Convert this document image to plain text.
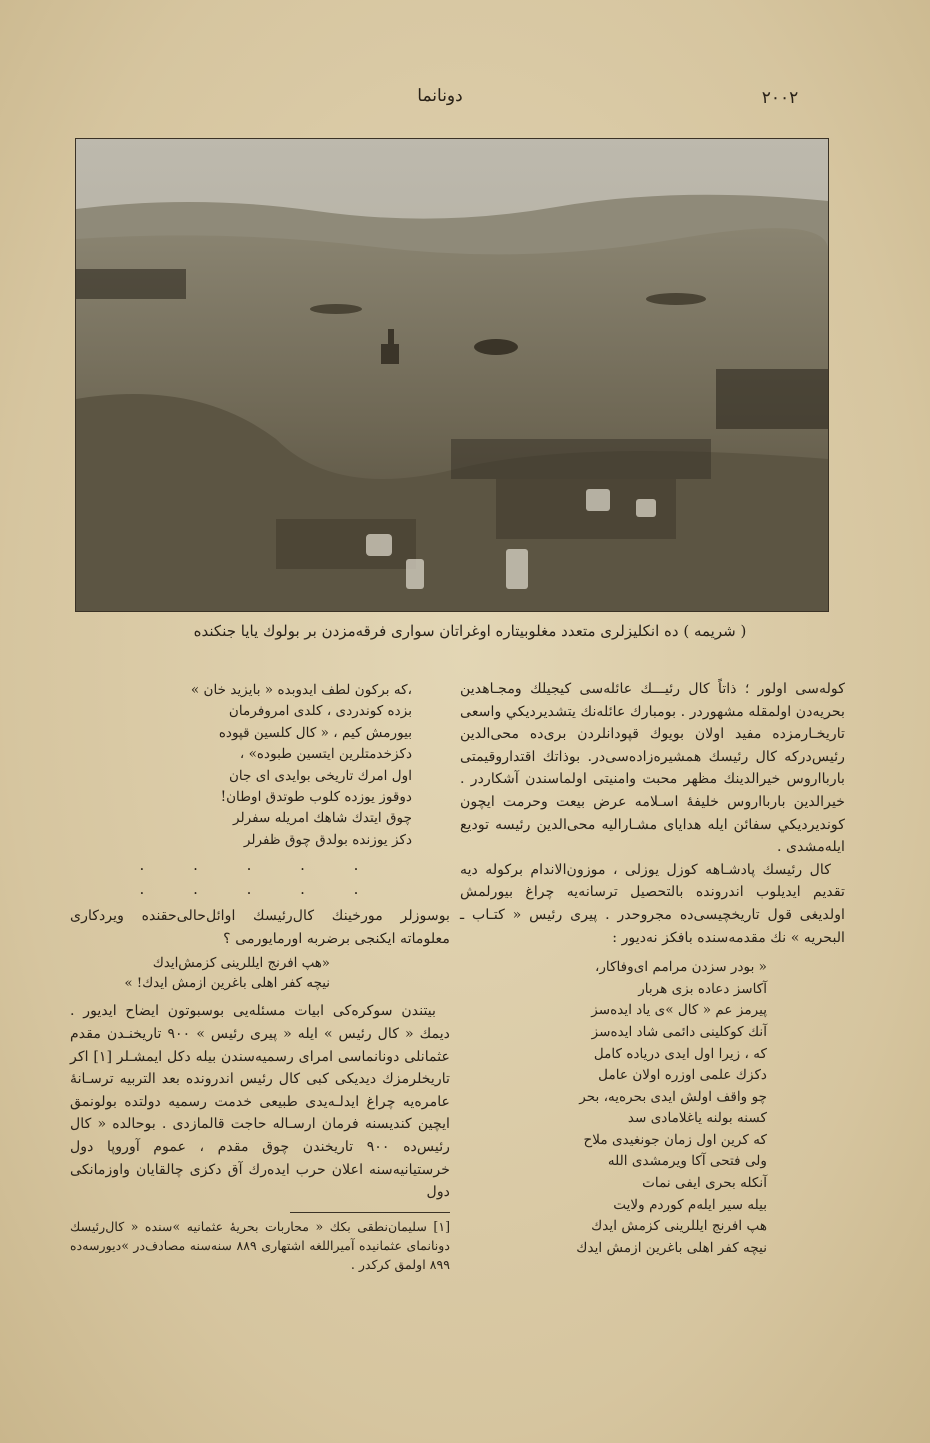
دونانما	۲۰۰۲
( شریمه ) ده انکلیزلری متعدد مغلوبیتاره اوغراتان سواری فرقه‌مزدن بر بولوك يايا جنكنده

كوله‌سى اولور ؛ ذاتاً كال رئيـــك عائله‌سى كيجيلك ومجـاهدين بحريه‌دن اولمقله مشهوردر . بومبارك عائله‌نك يتشديرديكي واسعى تاريخـارمزده مفيد اولان بويوك قپودانلردن برى‌ده محى‌الدين رئيس‌دركه كال رئيسك همشيره‌زاده‌سى‌در. بوذاتك اقتداروقيمتى باربااروس خيرالدينك مظهر محبت وامنيتى اولماسندن آشكاردر . خيرالدين باربااروس خليفهٔ اسـلامه عرض بيعت وحرمت ايچون كونديرديكي سفائن ايله هدايای مشـاراليه محى‌الدين رئيسه توديع ايله‌مشدى .

كال رئيسك پادشـاهه كوزل يوزلى ، موزون‌الاندام بركوله ديه تقديم ايديلوب اندرونده بالتحصيل ترسانه‌يه چراغ بيورلمش اولديغى قول تاريخچيسى‌ده مجروحدر . پيرى رئيس « كتـاب ـ البحريه » نك مقدمه‌سنده بافكز نه‌ديور :

« بودر سزدن مرامم اى‌وفاكار،
آكاسز دعاده بزى هربار
پيرمز عم « كال »ى ياد ايدەسز
آنك كوكلينى دائمى شاد ايدەسز
كه ، زيرا اول ايدى درياده كامل
دكزك علمى اوزره اولان عامل
چو واقف اولش ايدى بحرەيە، بحر
كسنه بولنه ياغلامادى سد
كه كرين اول زمان جونغيدى ملاح
ولى فتحى آكا ويرمشدى الله
آنكله بحرى ايفى نمات
بيله سير ايلەم كوردم ولايت
هپ افرنج ايللرينى كزمش ايدك
نيچه كفر اهلى باغرين ازمش ايدك
،كه بركون لطف ايدوبده « بايزيد خان »
بزده كوندردى ، كلدى امروفرمان
بيورمش كيم ، « كال كلسين قپوده
دكزخدمتلرين ايتسين طبوده» ،
اول امرك تاريخى بوايدى اى جان
دوقوز يوزده كلوب طوتدق اوطان!
چوق ايتدك شاهك امريله سفرلر
دكز يوزنده بولدق چوق ظفرلر
. . . . .
. . . . .

بوسوزلر مورخينك كال‌رئيسك اوائل‌حالى‌حقنده ويردكارى معلوماته ايكنجى برضربه اورمايورمى ؟

«هپ افرنج ايللرينى كزمش‌ايدك
نيچه كفر اهلى باغرين ازمش ايدك! »

بيتندن سوكره‌كى ابيات مسئله‌يى بوسبوتون ايضاح ايديور . ديمك « كال رئيس » ايله « پيرى رئيس » ۹۰۰ تاريخنـدن مقدم عثمانلى دونانماسى امراى رسميه‌سندن بيله دكل ايمشـلر [١] اكر تاريخلرمزك ديديكى كبى كال رئيس اندرونده بعد التربيه ترسـانهٔ عامره‌يه چراغ ايدلـه‌يدى طبيعى خدمت رسميه دولتده بولونمق ايچين كنديسنه فرمان ارسـاله حاجت قالمازدى . بوحالده « كال رئيس‌ده ۹۰۰ تاريخندن چوق مقدم ، عموم آوروپا دول خرستيانيه‌سنه اعلان حرب ايده‌رك آق دكزى چالقايان واوزمانكى دول

[١] سليمان‌نطقى بكك « محاربات بحريهٔ عثمانيه »سنده « كال‌رئيسك دونانماى عثمانيده آميراللغه اشتهارى ۸۸۹ سنه‌سنه مصادف‌در »ديورسه‌ده ۸۹۹ اولمق كركدر .
